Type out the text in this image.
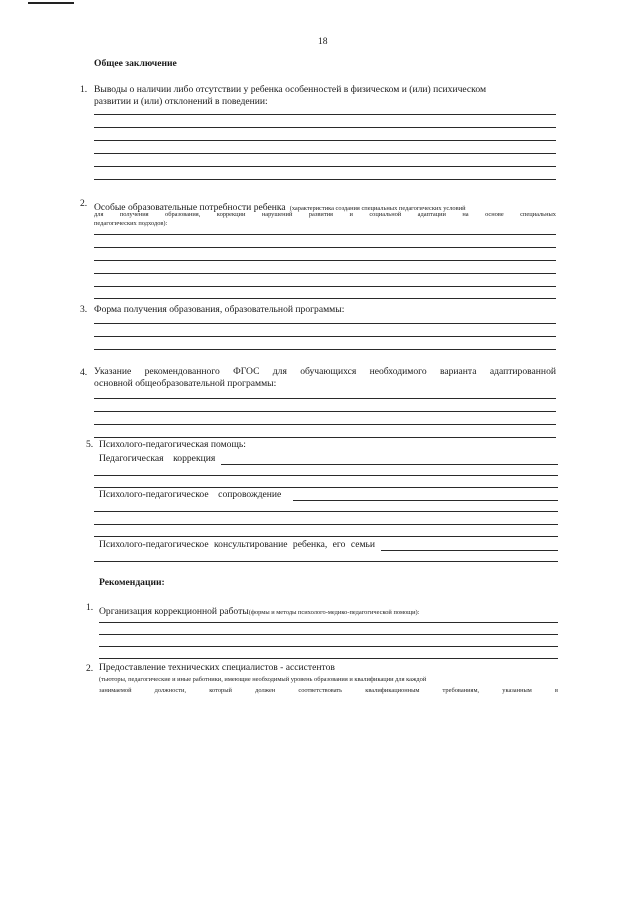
18
Общее заключение
1. Выводы о наличии либо отсутствии у ребенка особенностей в физическом и (или) психическом
развитии и (или) отклонений в поведении:
2. Особые образовательные потребности ребенка (характеристика создания специальных педагогических условий
для получения образования, коррекции нарушений развития и социальной адаптации на основе специальных
педагогических подходов):
3. Форма получения образования, образовательной программы:
4. Указание рекомендованного ФГОС для обучающихся необходимого варианта адаптированной
основной общеобразовательной программы:
5. Психолого-педагогическая помощь:
Педагогическая    коррекция
Психолого-педагогическое    сопровождение
Психолого-педагогическое консультирование ребенка, его семьи
Рекомендации:
1. Организация коррекционной работы(формы и методы психолого-медико-педагогической помощи):
2. Предоставление технических специалистов - ассистентов
(тьюторы, педагогические и иные работники, имеющие необходимый уровень образования и квалификации для каждой
занимаемой должности, который должен соответствовать квалификационным требованиям, указанным в
